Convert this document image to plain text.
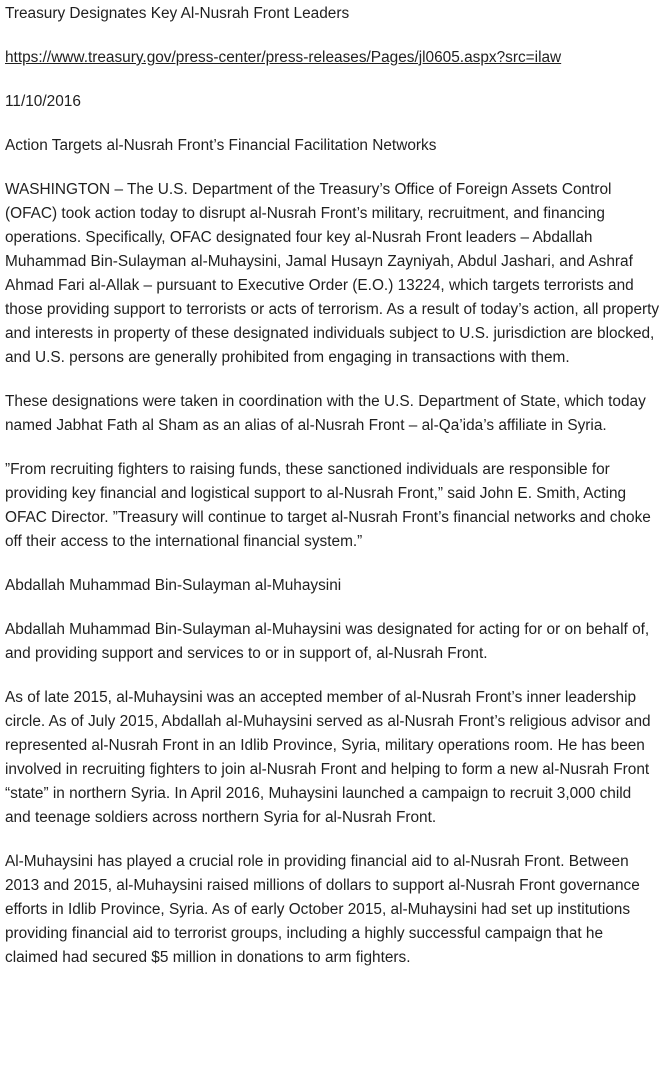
Treasury Designates Key Al-Nusrah Front Leaders

https://www.treasury.gov/press-center/press-releases/Pages/jl0605.aspx?src=ilaw

11/10/2016

Action Targets al-Nusrah Front’s Financial Facilitation Networks

WASHINGTON – The U.S. Department of the Treasury’s Office of Foreign Assets Control (OFAC) took action today to disrupt al-Nusrah Front’s military, recruitment, and financing operations. Specifically, OFAC designated four key al-Nusrah Front leaders – Abdallah Muhammad Bin-Sulayman al-Muhaysini, Jamal Husayn Zayniyah, Abdul Jashari, and Ashraf Ahmad Fari al-Allak – pursuant to Executive Order (E.O.) 13224, which targets terrorists and those providing support to terrorists or acts of terrorism. As a result of today’s action, all property and interests in property of these designated individuals subject to U.S. jurisdiction are blocked, and U.S. persons are generally prohibited from engaging in transactions with them.

These designations were taken in coordination with the U.S. Department of State, which today named Jabhat Fath al Sham as an alias of al-Nusrah Front – al-Qa’ida’s affiliate in Syria.

”From recruiting fighters to raising funds, these sanctioned individuals are responsible for providing key financial and logistical support to al-Nusrah Front,” said John E. Smith, Acting OFAC Director. ”Treasury will continue to target al-Nusrah Front’s financial networks and choke off their access to the international financial system.”

Abdallah Muhammad Bin-Sulayman al-Muhaysini

Abdallah Muhammad Bin-Sulayman al-Muhaysini was designated for acting for or on behalf of, and providing support and services to or in support of, al-Nusrah Front.

As of late 2015, al-Muhaysini was an accepted member of al-Nusrah Front’s inner leadership circle. As of July 2015, Abdallah al-Muhaysini served as al-Nusrah Front’s religious advisor and represented al-Nusrah Front in an Idlib Province, Syria, military operations room. He has been involved in recruiting fighters to join al-Nusrah Front and helping to form a new al-Nusrah Front “state” in northern Syria. In April 2016, Muhaysini launched a campaign to recruit 3,000 child and teenage soldiers across northern Syria for al-Nusrah Front.

Al-Muhaysini has played a crucial role in providing financial aid to al-Nusrah Front. Between 2013 and 2015, al-Muhaysini raised millions of dollars to support al-Nusrah Front governance efforts in Idlib Province, Syria. As of early October 2015, al-Muhaysini had set up institutions providing financial aid to terrorist groups, including a highly successful campaign that he claimed had secured $5 million in donations to arm fighters.
